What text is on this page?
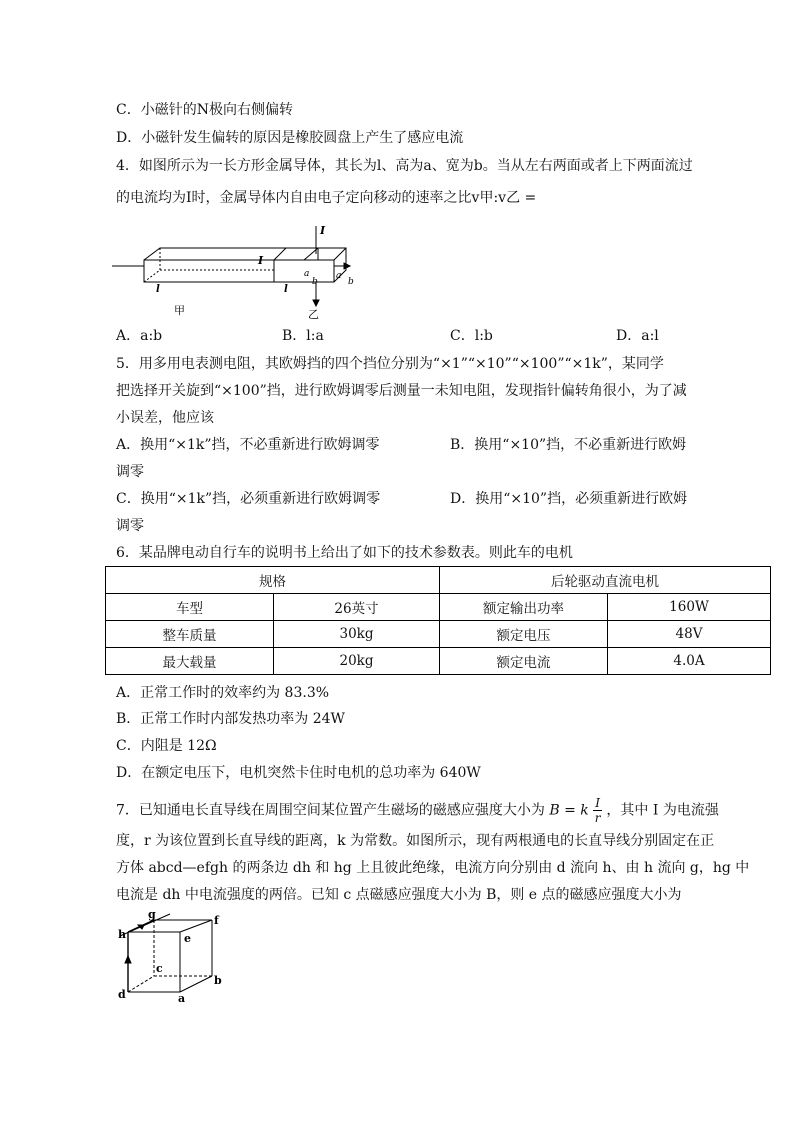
C．小磁针的N极向右侧偏转
D．小磁针发生偏转的原因是橡胶圆盘上产生了感应电流
4．如图所示为一长方形金属导体，其长为l、高为a、宽为b。当从左右两面或者上下两面流过
的电流均为I时，金属导体内自由电子定向移动的速率之比v甲:v乙 =
I
l
a
b
甲
I
l
a
b
乙
A．a:b	B．l:a	C．l:b	D．a:l
5．用多用电表测电阻，其欧姆挡的四个挡位分别为“×1”“×10”“×100”“×1k”，某同学
把选择开关旋到“×100”挡，进行欧姆调零后测量一未知电阻，发现指针偏转角很小，为了减
小误差，他应该
A．换用“×1k”挡，不必重新进行欧姆调零	B．换用“×10”挡，不必重新进行欧姆
调零
C．换用“×1k”挡，必须重新进行欧姆调零	D．换用“×10”挡，必须重新进行欧姆
调零
6．某品牌电动自行车的说明书上给出了如下的技术参数表。则此车的电机
规格		后轮驱动直流电机	
车型	26英寸	额定输出功率	160W
整车质量	30kg	额定电压	48V
最大载量	20kg	额定电流	4.0A
A．正常工作时的效率约为 83.3%
B．正常工作时内部发热功率为 24W
C．内阻是 12Ω
D．在额定电压下，电机突然卡住时电机的总功率为 640W
7．已知通电长直导线在周围空间某位置产生磁场的磁感应强度大小为 B = k $\frac{I}{r}$ ，其中 I 为电流强
度，r 为该位置到长直导线的距离，k 为常数。如图所示，现有两根通电的长直导线分别固定在正
方体 abcd—efgh 的两条边 dh 和 hg 上且彼此绝缘，电流方向分别由 d 流向 h、由 h 流向 g，hg 中
电流是 dh 中电流强度的两倍。已知 c 点磁感应强度大小为 B，则 e 点的磁感应强度大小为
g
h	e
f
c
b
d	a
